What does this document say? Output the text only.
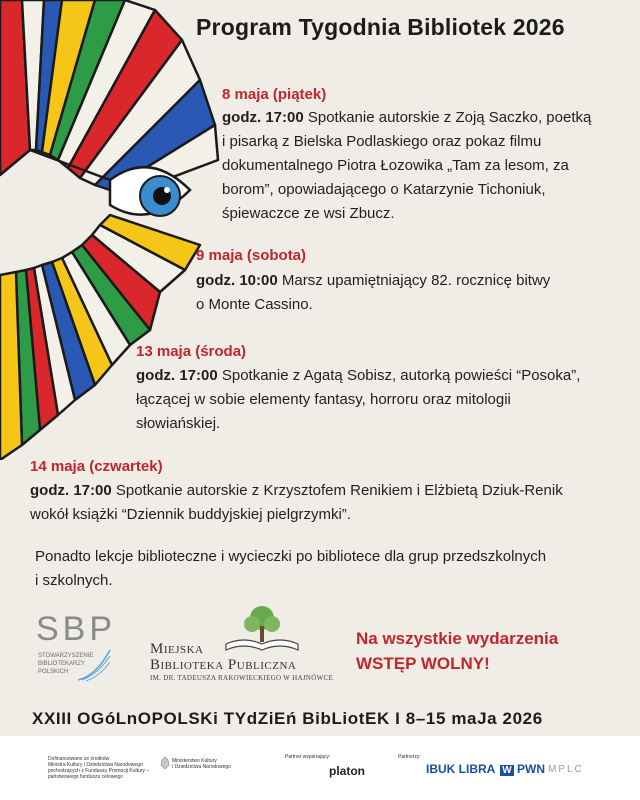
Program Tygodnia Bibliotek 2026
8 maja (piątek)
godz. 17:00 Spotkanie autorskie z Zoją Saczko, poetką
i pisarką z Bielska Podlaskiego oraz pokaz filmu
dokumentalnego Piotra Łozowika „Tam za lesom, za
borom”, opowiadającego o Katarzynie Tichoniuk,
śpiewaczce ze wsi Zbucz.
9 maja (sobota)
godz. 10:00 Marsz upamiętniający 82. rocznicę bitwy
o Monte Cassino.
13 maja (środa)
godz. 17:00 Spotkanie z Agatą Sobisz, autorką powieści “Posoka”,
łączącej w sobie elementy fantasy, horroru oraz mitologii
słowiańskiej.
14 maja (czwartek)
godz. 17:00 Spotkanie autorskie z Krzysztofem Renikiem i Elżbietą Dziuk-Renik
wokół książki “Dziennik buddyjskiej pielgrzymki”.
Ponadto lekcje biblioteczne i wycieczki po bibliotece dla grup przedszkolnych
i szkolnych.
SBP
STOWARZYSZENIE
BIBLIOTEKARZY
POLSKICH
Miejska
Biblioteka Publiczna
IM. DR. TADEUSZA RAKOWIECKIEGO W HAJNÓWCE
Na wszystkie wydarzenia
WSTĘP WOLNY!
XXIII OGóLnOPOLSKi TYdZiEń BibLiotEK I 8–15 maJa 2026
Dofinansowano ze środków
Ministra Kultury i Dziedzictwa Narodowego
pochodzących z Funduszu Promocji Kultury –
państwowego funduszu celowego
Ministerstwo Kultury
i Dziedzictwa Narodowego
Partner wspierający:	Partnerzy:
platon	IBUK LIBRA W PWN MPLC
